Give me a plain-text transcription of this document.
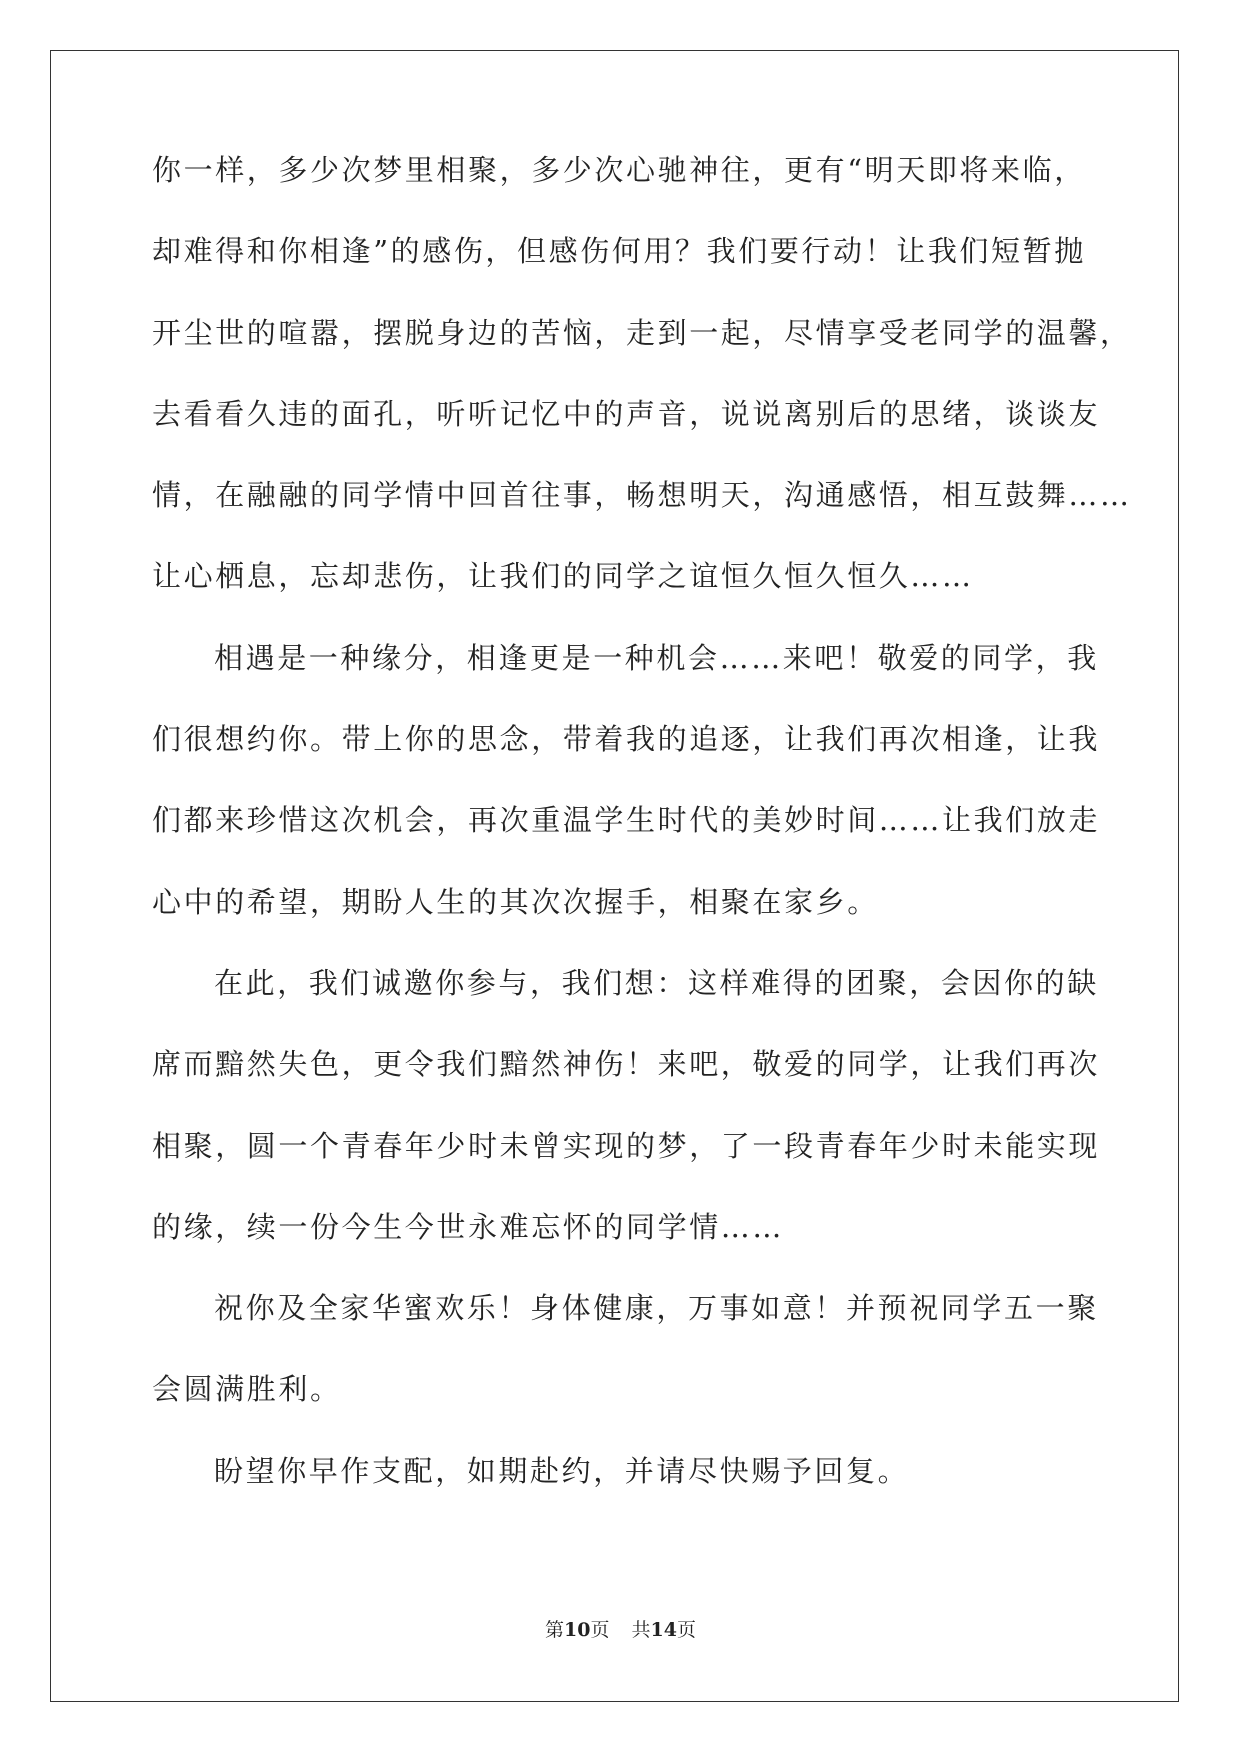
你一样，多少次梦里相聚，多少次心驰神往，更有“明天即将来临，
却难得和你相逢”的感伤，但感伤何用？我们要行动！让我们短暂抛
开尘世的喧嚣，摆脱身边的苦恼，走到一起，尽情享受老同学的温馨，
去看看久违的面孔，听听记忆中的声音，说说离别后的思绪，谈谈友
情，在融融的同学情中回首往事，畅想明天，沟通感悟，相互鼓舞……
让心栖息，忘却悲伤，让我们的同学之谊恒久恒久恒久……
相遇是一种缘分，相逢更是一种机会……来吧！敬爱的同学，我
们很想约你。带上你的思念，带着我的追逐，让我们再次相逢，让我
们都来珍惜这次机会，再次重温学生时代的美妙时间……让我们放走
心中的希望，期盼人生的其次次握手，相聚在家乡。
在此，我们诚邀你参与，我们想：这样难得的团聚，会因你的缺
席而黯然失色，更令我们黯然神伤！来吧，敬爱的同学，让我们再次
相聚，圆一个青春年少时未曾实现的梦，了一段青春年少时未能实现
的缘，续一份今生今世永难忘怀的同学情……
祝你及全家华蜜欢乐！身体健康，万事如意！并预祝同学五一聚
会圆满胜利。
盼望你早作支配，如期赴约，并请尽快赐予回复。
第10页 共14页
